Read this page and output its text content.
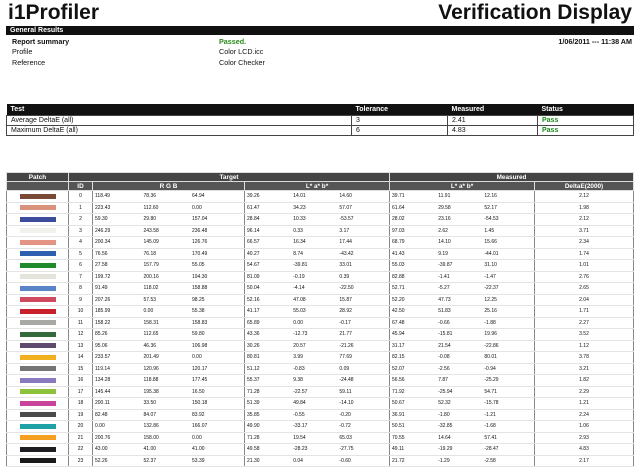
i1Profiler	Verification Display
General Results
Report summary	Passed.	1/06/2011 --- 11:38 AM
Profile	Color LCD.icc
Reference	Color Checker
Test	Tolerance	Measured	Status
Average DeltaE (all)	3	2.41	Pass
Maximum DeltaE (all)	6	4.83	Pass
Patch	Target			Measured	
	ID	R G B	L* a* b*	L* a* b*	DeltaE(2000)

	0	118.49 78.36 64.94	39.26 14.01 14.60	39.71 11.91 12.16	2.12

	1	223.43 112.60 0.00	61.47 34.23 57.07	61.64 29.58 52.17	1.98

	2	59.30 29.80 157.04	28.84 10.33 -53.57	28.02 23.16 -54.53	2.12

	3	246.29 243.58 236.48	96.14 0.33 3.17	97.03 2.62 1.45	3.71

	4	200.34 145.09 126.76	66.57 16.34 17.44	68.79 14.10 15.66	2.34

	5	76.56 76.18 170.49	40.27 8.74 -43.42	41.43 9.19 -44.01	1.74

	6	27.58 157.79 55.05	54.67 -39.81 33.01	55.03 -39.87 31.10	1.01

	7	199.72 200.16 194.30	81.09 -0.19 0.39	82.88 -1.41 -1.47	2.76

	8	91.49 118.02 158.88	50.04 -4.14 -22.50	52.71 -5.27 -22.37	2.65

	9	207.26 57.53 98.25	52.16 47.08 15.87	52.20 47.73 12.25	2.04

	10	185.99 0.00 55.38	41.17 55.03 28.92	42.50 51.83 25.16	1.71

	11	158.22 158.31 158.83	65.89 0.00 -0.17	67.48 -0.66 -1.88	2.27

	12	85.26 112.65 59.80	43.36 -12.73 21.77	45.94 -15.81 19.96	3.52

	13	95.06 46.36 106.98	30.26 20.57 -21.26	31.17 21.54 -22.86	1.12

	14	233.57 201.49 0.00	80.81 3.99 77.69	82.15 -0.08 80.01	3.78

	15	119.14 120.96 120.17	51.12 -0.83 0.09	52.07 -2.56 -0.94	3.21

	16	134.28 118.88 177.45	55.37 9.38 -24.48	56.56 7.87 -25.29	1.82

	17	145.44 195.38 16.50	71.28 -22.57 59.11	71.92 -25.94 54.71	2.29

	18	200.11 33.50 150.18	51.39 49.84 -14.10	50.67 52.32 -15.78	1.21

	19	82.48 84.07 83.92	35.85 -0.55 -0.20	36.91 -1.80 -1.21	2.24

	20	0.00 132.86 166.07	49.90 -33.17 -0.72	50.51 -32.85 -1.68	1.06

	21	200.76 158.00 0.00	71.28 19.54 65.03	70.55 14.64 57.41	2.93

	22	43.00 41.00 41.00	49.58 -28.23 -27.75	49.11 -19.29 -28.47	4.83

	23	52.26 52.37 53.39	21.30 0.04 -0.60	21.72 -1.29 -2.58	2.17
